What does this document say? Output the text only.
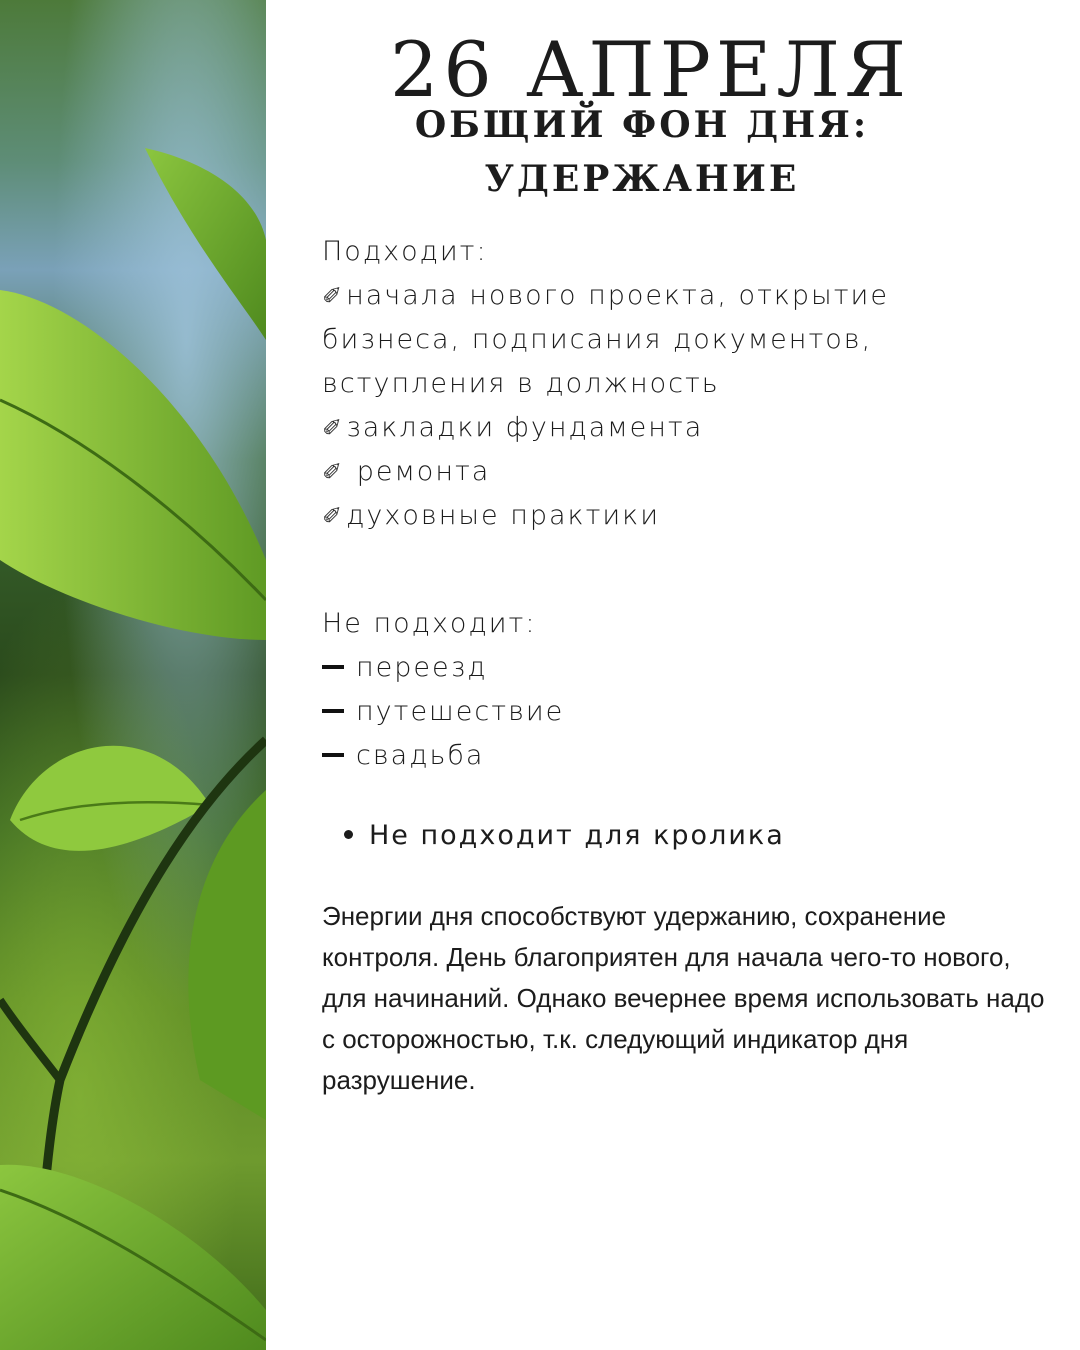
26 АПРЕЛЯ
ОБЩИЙ ФОН ДНЯ:
УДЕРЖАНИЕ
Подходит:
✐начала нового проекта, открытие
бизнеса, подписания документов,
вступления в должность
✐закладки фундамента
✐ ремонта
✐духовные практики
Не подходит:
переезд
путешествие
свадьба
Не подходит для кролика

Энергии дня способствуют удержанию, сохранение контроля. День благоприятен для начала чего-то нового, для начинаний. Однако вечернее время использовать надо с осторожностью, т.к. следующий индикатор дня разрушение.
